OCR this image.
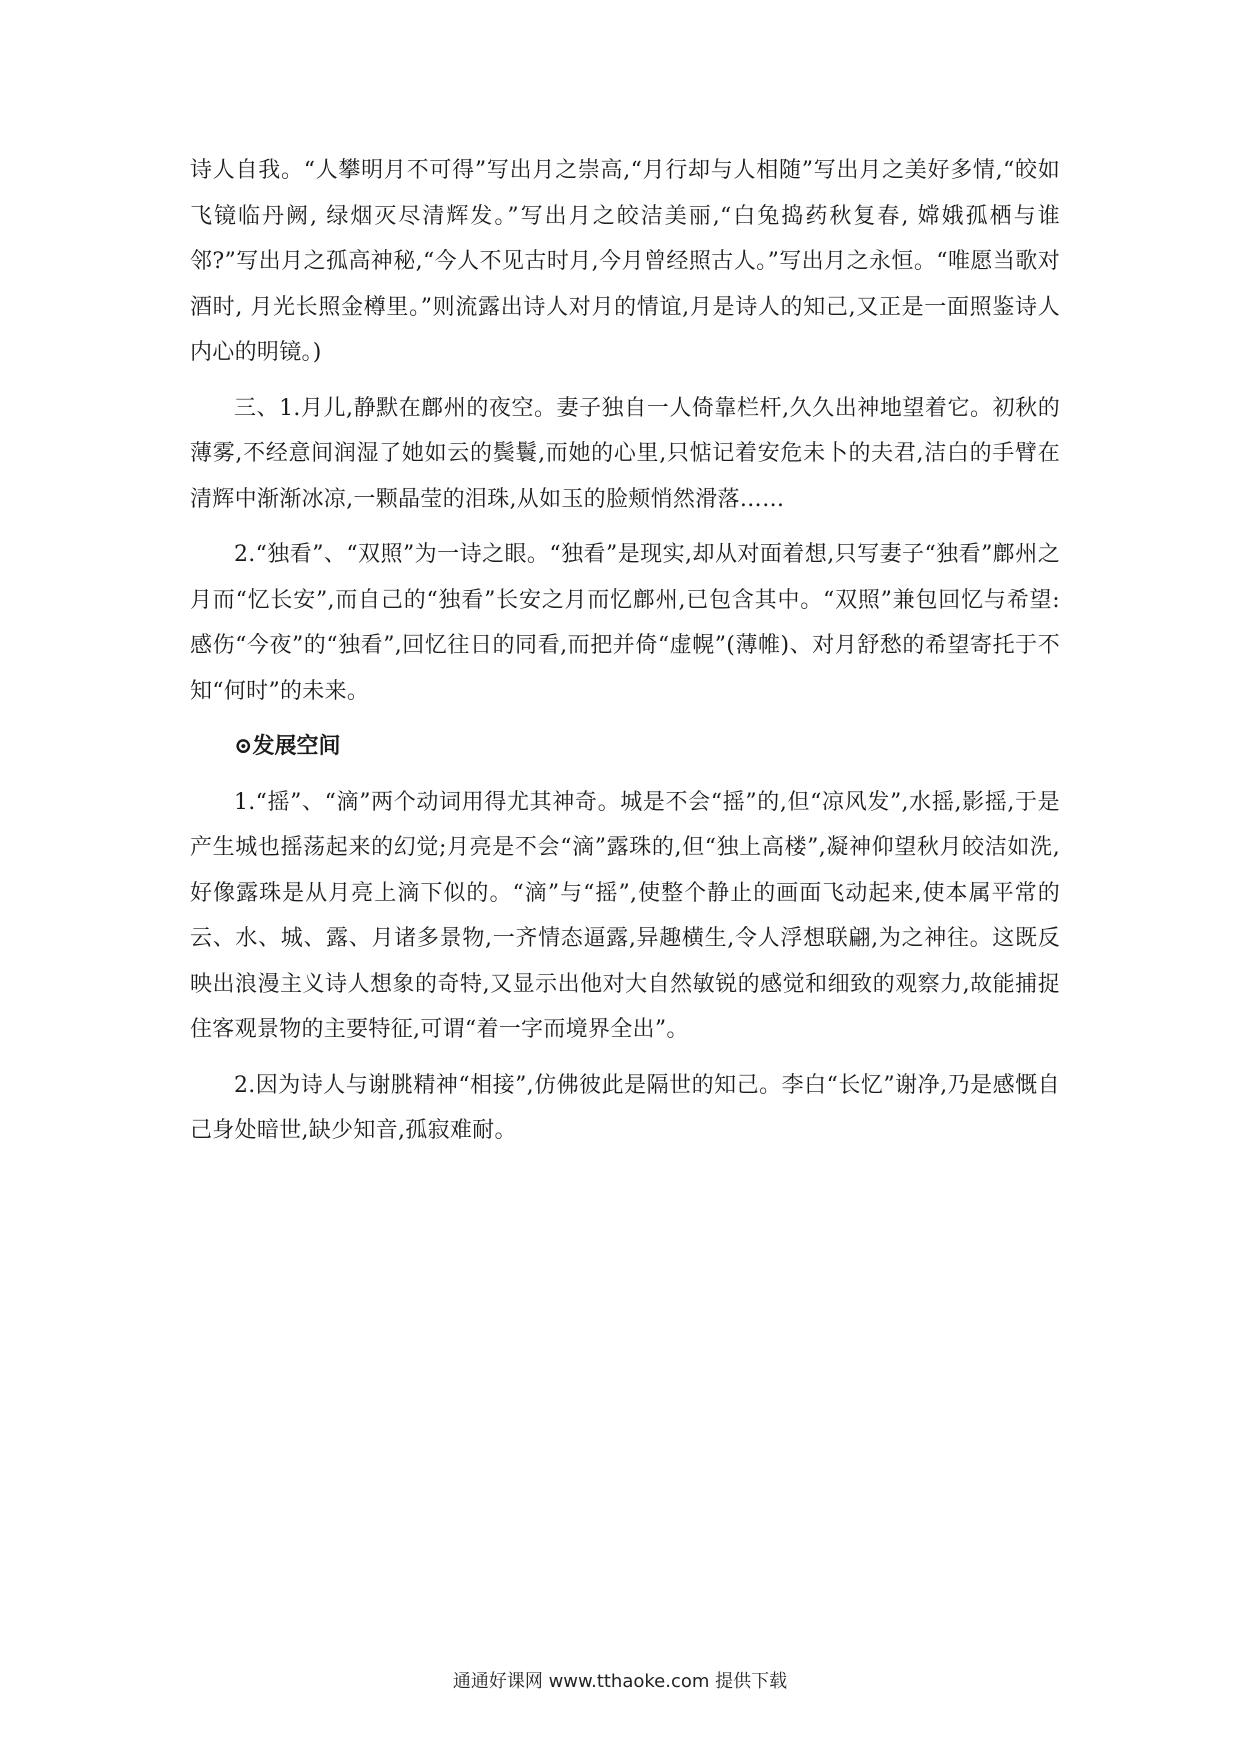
诗人自我。“人攀明月不可得”写出月之崇高,“月行却与人相随”写出月之美好多情,“皎如飞镜临丹阙, 绿烟灭尽清辉发。”写出月之皎洁美丽,“白兔捣药秋复春, 嫦娥孤栖与谁邻?”写出月之孤高神秘,“今人不见古时月,今月曾经照古人。”写出月之永恒。“唯愿当歌对酒时, 月光长照金樽里。”则流露出诗人对月的情谊,月是诗人的知己,又正是一面照鉴诗人内心的明镜。)

三、1.月儿,静默在鄜州的夜空。妻子独自一人倚靠栏杆,久久出神地望着它。初秋的薄雾,不经意间润湿了她如云的鬓鬟,而她的心里,只惦记着安危未卜的夫君,洁白的手臂在清辉中渐渐冰凉,一颗晶莹的泪珠,从如玉的脸颊悄然滑落……

2.“独看”、“双照”为一诗之眼。“独看”是现实,却从对面着想,只写妻子“独看”鄜州之月而“忆长安”,而自己的“独看”长安之月而忆鄜州,已包含其中。“双照”兼包回忆与希望:感伤“今夜”的“独看”,回忆往日的同看,而把并倚“虚幌”(薄帷)、对月舒愁的希望寄托于不知“何时”的未来。

⊙发展空间

1.“摇”、“滴”两个动词用得尤其神奇。城是不会“摇”的,但“凉风发”,水摇,影摇,于是产生城也摇荡起来的幻觉;月亮是不会“滴”露珠的,但“独上高楼”,凝神仰望秋月皎洁如洗,好像露珠是从月亮上滴下似的。“滴”与“摇”,使整个静止的画面飞动起来,使本属平常的云、水、城、露、月诸多景物,一齐情态逼露,异趣横生,令人浮想联翩,为之神往。这既反映出浪漫主义诗人想象的奇特,又显示出他对大自然敏锐的感觉和细致的观察力,故能捕捉住客观景物的主要特征,可谓“着一字而境界全出”。

2.因为诗人与谢朓精神“相接”,仿佛彼此是隔世的知己。李白“长忆”谢净,乃是感慨自己身处暗世,缺少知音,孤寂难耐。

通通好课网 www.tthaoke.com 提供下载
